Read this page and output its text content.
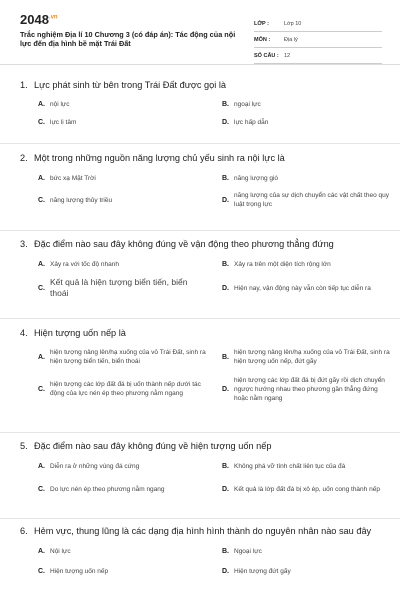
$2048^{.vn}$
Trắc nghiệm Địa lí 10 Chương 3 (có đáp án): Tác động của nội lực đến địa hình bề mặt Trái Đất
LỚP :	Lớp 10
MÔN :	Địa lý
SỐ CÂU : 12
1. Lực phát sinh từ bên trong Trái Đất được gọi là
A. nội lực	B. ngoại lực
C. lực li tâm	D. lực hấp dẫn
2. Một trong những nguồn năng lượng chủ yếu sinh ra nội lực là
A. bức xạ Mặt Trời	B. năng lượng gió
C. năng lượng thủy triều	D.
năng lượng của sự dịch chuyển các vật chất theo quy luật trọng lực
3. Đặc điểm nào sau đây không đúng về vận động theo phương thẳng đứng
A. Xảy ra với tốc độ nhanh	B. Xảy ra trên một diện tích rộng lớn
C.
Kết quả là hiện tượng biển tiến, biển thoái	D. Hiện nay, vận động này vẫn còn tiếp tục diễn ra
4. Hiện tượng uốn nếp là
A.
hiện tượng nâng lên/hạ xuống của vỏ Trái Đất, sinh ra hiện tượng biển tiến, biển thoái
B.
hiện tượng nâng lên/hạ xuống của vỏ Trái Đất, sinh ra hiện tượng uốn nếp, đứt gãy
C.
hiện tượng các lớp đất đá bị uốn thành nếp dưới tác động của lực nén ép theo phương nằm ngang
D.
hiện tượng các lớp đất đá bị đứt gãy rồi dịch chuyển ngược hướng nhau theo phương gần thẳng đứng hoặc nằm ngang
5. Đặc điểm nào sau đây không đúng về hiện tượng uốn nếp
A. Diễn ra ở những vùng đá cứng	B. Không phá vỡ tính chất liên tục của đá
C. Do lực nén ép theo phương nằm ngang	D. Kết quả là lớp đất đá bị xô ép, uốn cong thành nếp
6. Hẻm vực, thung lũng là các dạng địa hình hình thành do nguyên nhân nào sau đây
A. Nội lực	B. Ngoại lực
C. Hiện tượng uốn nếp	D. Hiện tượng đứt gãy
